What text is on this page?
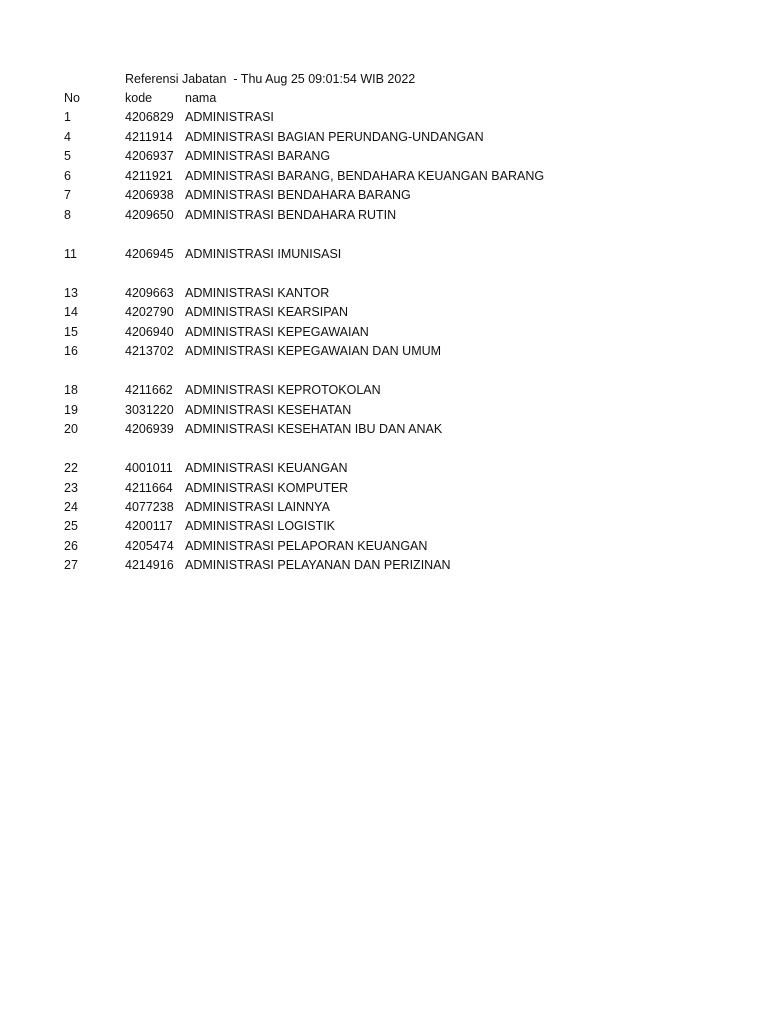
Referensi Jabatan  - Thu Aug 25 09:01:54 WIB 2022
No	kode	nama
1	4206829 ADMINISTRASI
4	4211914 ADMINISTRASI BAGIAN PERUNDANG-UNDANGAN
5	4206937 ADMINISTRASI BARANG
6	4211921 ADMINISTRASI BARANG, BENDAHARA KEUANGAN BARANG
7	4206938 ADMINISTRASI BENDAHARA BARANG
8	4209650 ADMINISTRASI BENDAHARA RUTIN
11	4206945 ADMINISTRASI IMUNISASI
13	4209663 ADMINISTRASI KANTOR
14	4202790 ADMINISTRASI KEARSIPAN
15	4206940 ADMINISTRASI KEPEGAWAIAN
16	4213702 ADMINISTRASI KEPEGAWAIAN DAN UMUM
18	4211662 ADMINISTRASI KEPROTOKOLAN
19	3031220 ADMINISTRASI KESEHATAN
20	4206939 ADMINISTRASI KESEHATAN IBU DAN ANAK
22	4001011 ADMINISTRASI KEUANGAN
23	4211664 ADMINISTRASI KOMPUTER
24	4077238 ADMINISTRASI LAINNYA
25	4200117 ADMINISTRASI LOGISTIK
26	4205474 ADMINISTRASI PELAPORAN KEUANGAN
27	4214916 ADMINISTRASI PELAYANAN DAN PERIZINAN
